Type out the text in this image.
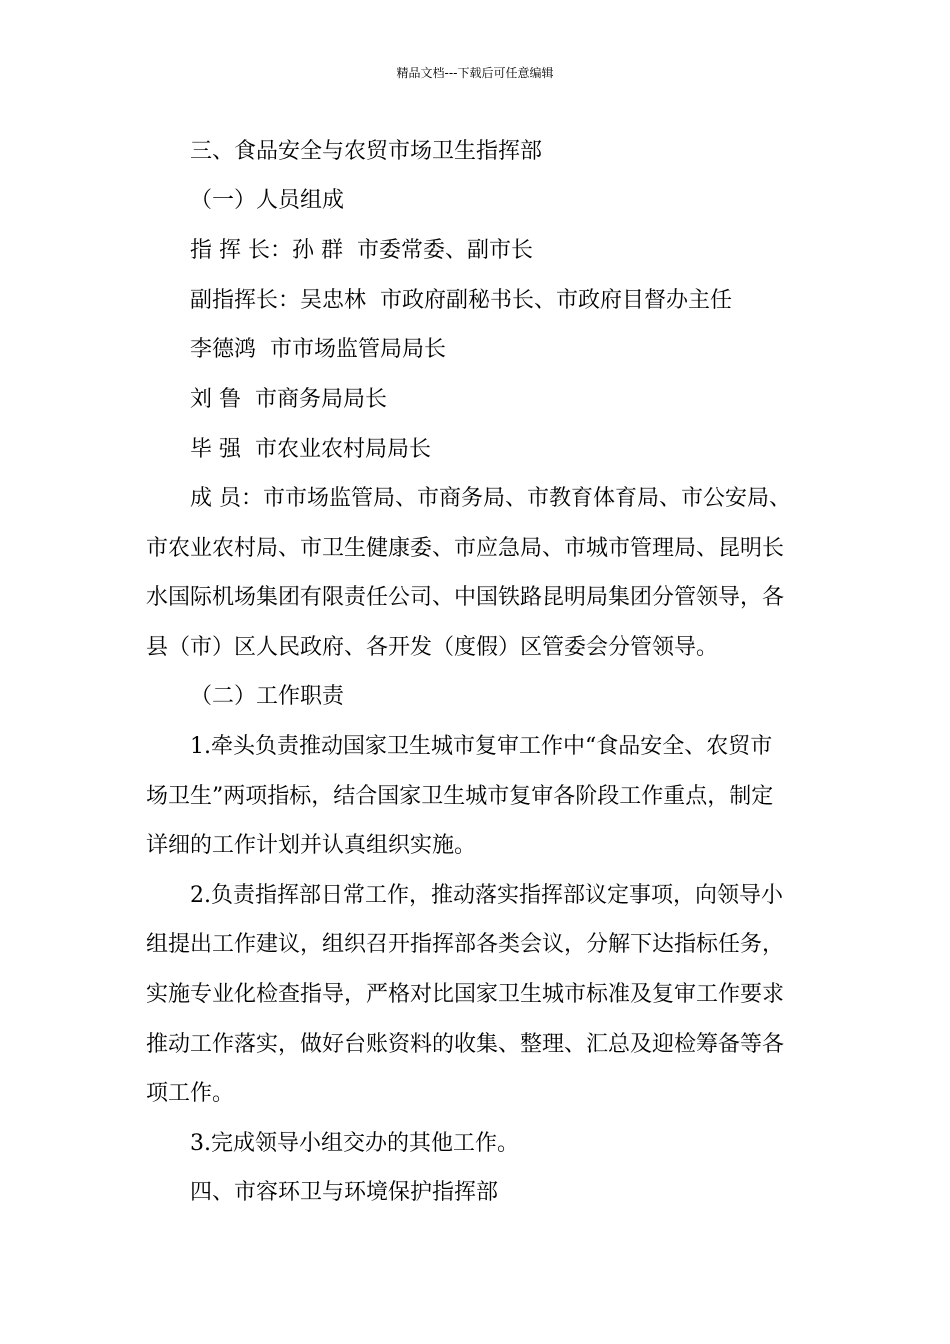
精品文档---下载后可任意编辑
三、食品安全与农贸市场卫生指挥部
（一）人员组成
指 挥 长：孙 群 市委常委、副市长
副指挥长：吴忠林 市政府副秘书长、市政府目督办主任
李德鸿 市市场监管局局长
刘 鲁 市商务局局长
毕 强 市农业农村局局长
成 员：市市场监管局、市商务局、市教育体育局、市公安局、
市农业农村局、市卫生健康委、市应急局、市城市管理局、昆明长
水国际机场集团有限责任公司、中国铁路昆明局集团分管领导，各
县（市）区人民政府、各开发（度假）区管委会分管领导。
（二）工作职责
1.牵头负责推动国家卫生城市复审工作中“食品安全、农贸市
场卫生”两项指标，结合国家卫生城市复审各阶段工作重点，制定
详细的工作计划并认真组织实施。
2.负责指挥部日常工作，推动落实指挥部议定事项，向领导小
组提出工作建议，组织召开指挥部各类会议，分解下达指标任务，
实施专业化检查指导，严格对比国家卫生城市标准及复审工作要求
推动工作落实，做好台账资料的收集、整理、汇总及迎检筹备等各
项工作。
3.完成领导小组交办的其他工作。
四、市容环卫与环境保护指挥部
